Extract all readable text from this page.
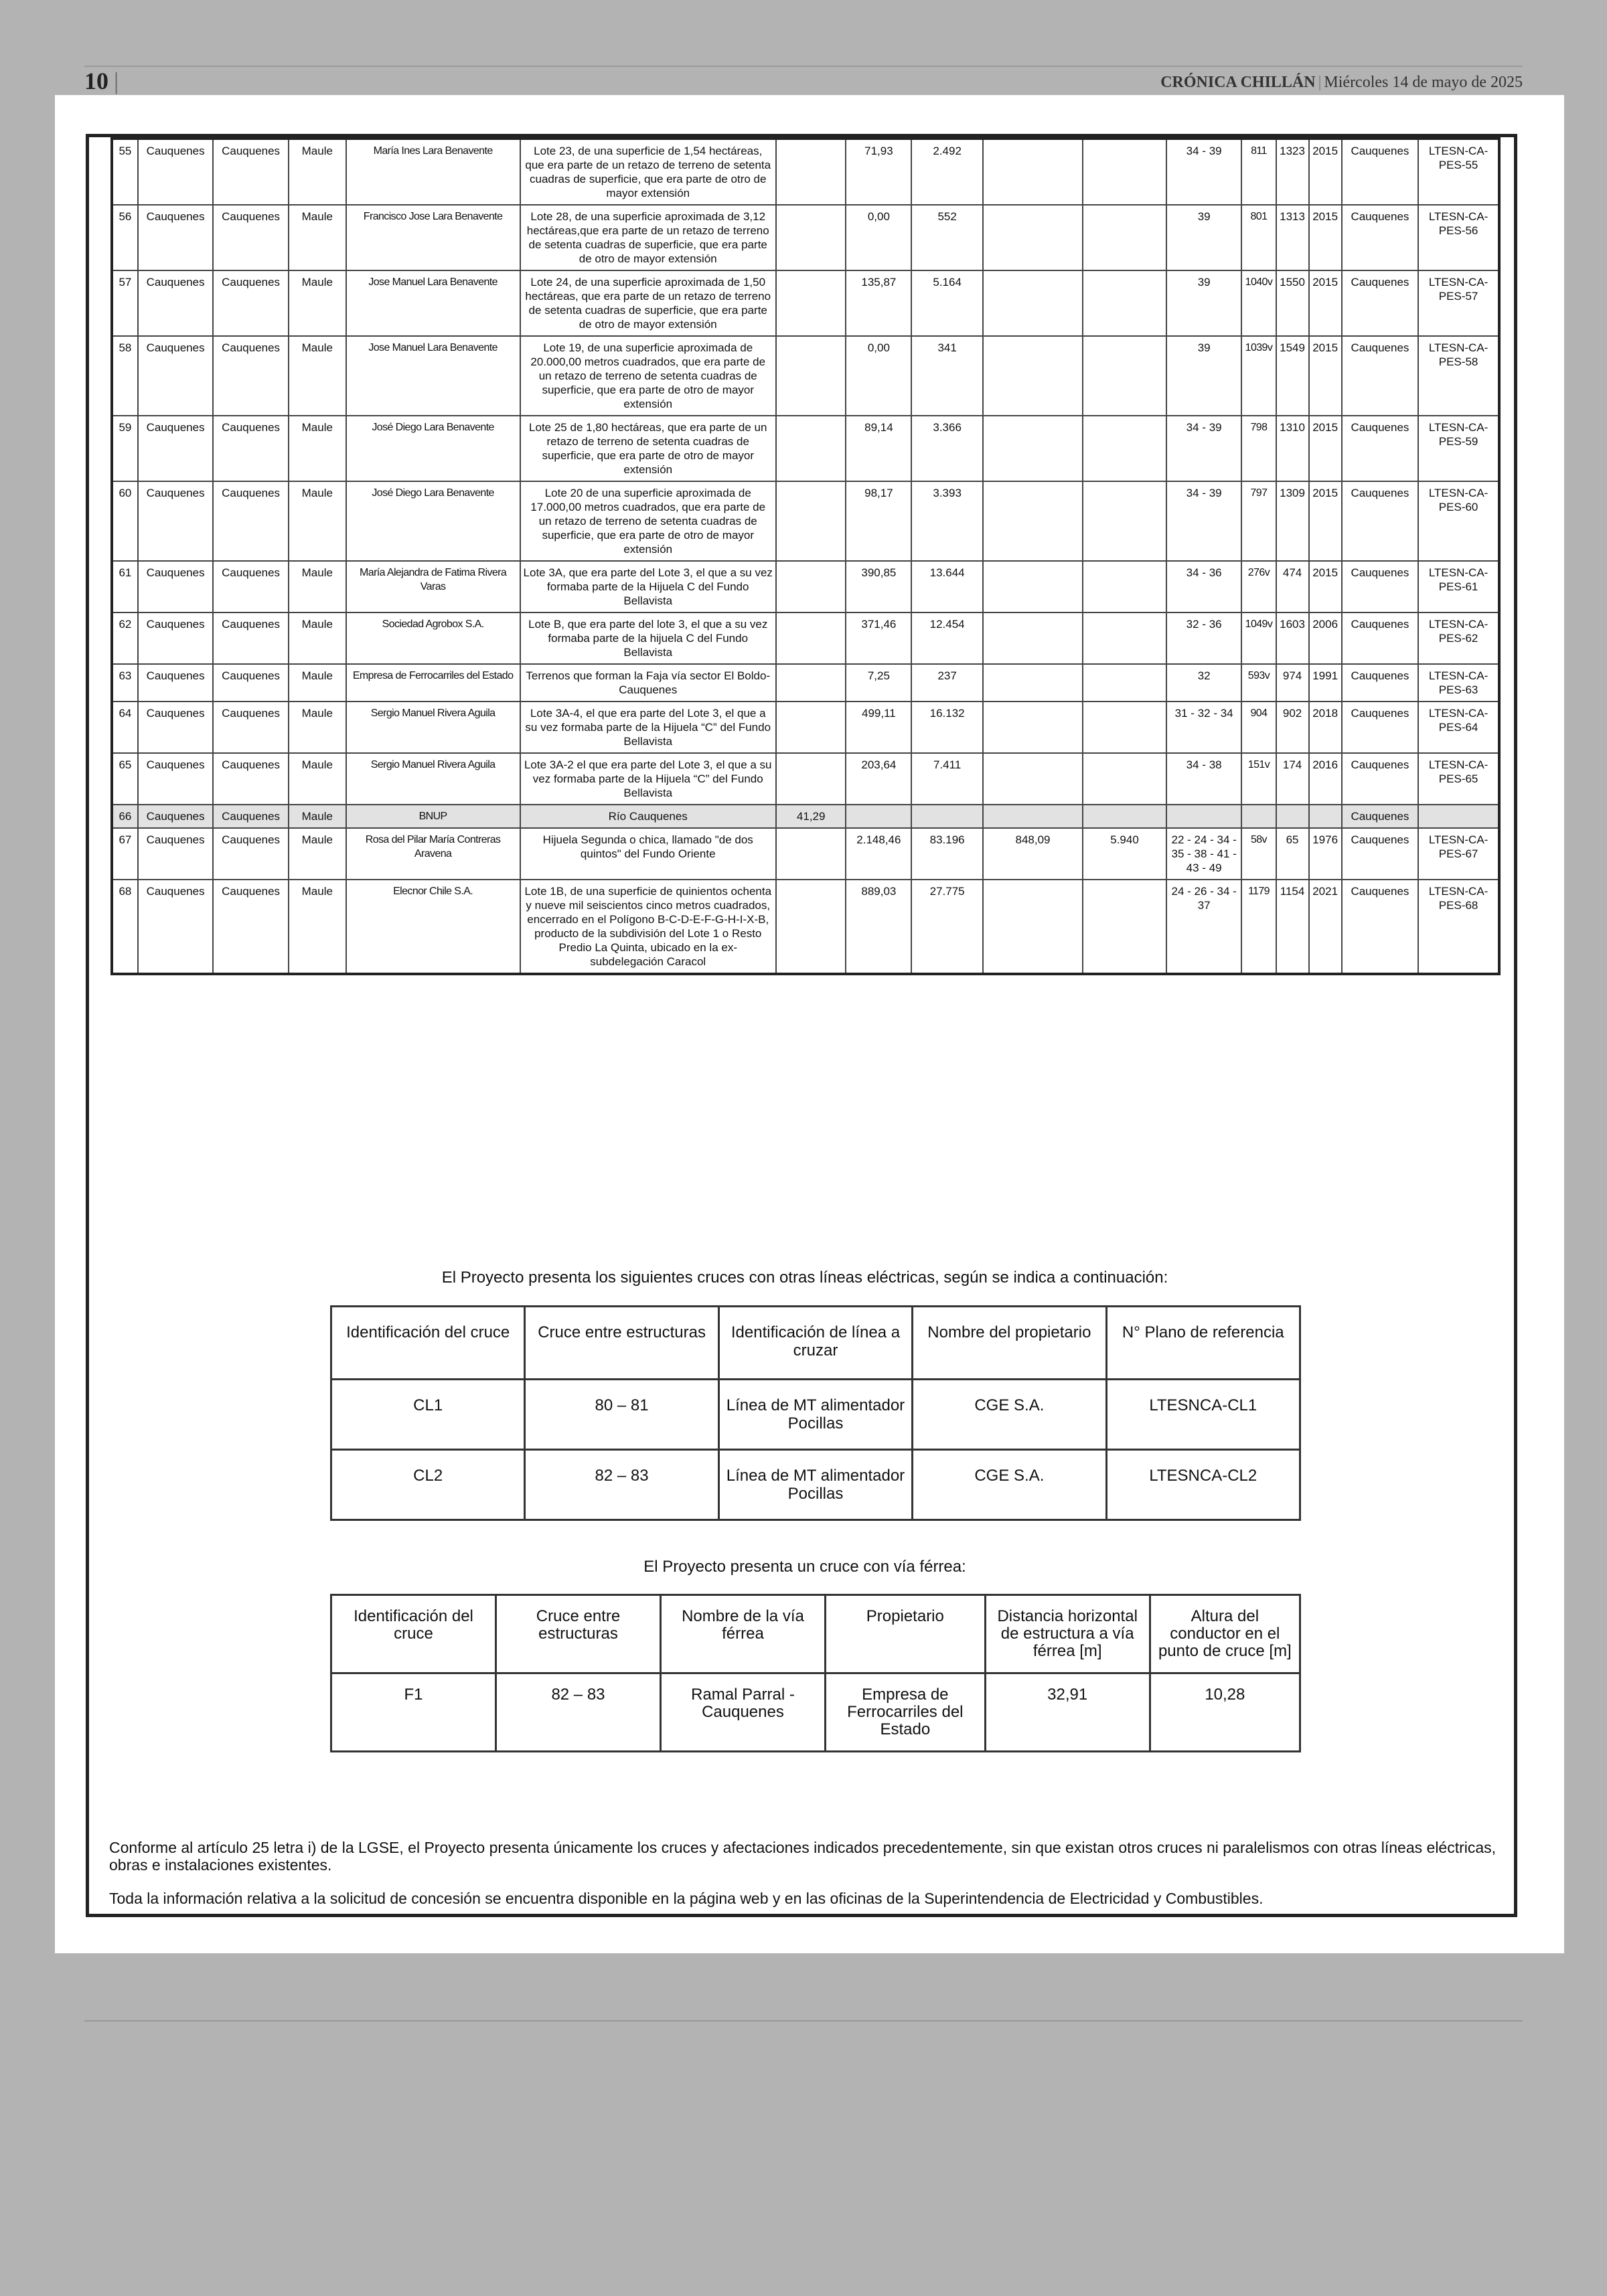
10 |	CRÓNICA CHILLÁN | Miércoles 14 de mayo de 2025
55	Cauquenes	Cauquenes	Maule	María Ines Lara Benavente	Lote 23, de una superficie de 1,54 hectáreas, que era parte de un retazo de terreno de setenta cuadras de superficie, que era parte de otro de mayor extensión		71,93	2.492			34 - 39	811	1323	2015	Cauquenes	LTESN-CA-PES-55
56	Cauquenes	Cauquenes	Maule	Francisco Jose Lara Benavente	Lote 28, de una superficie aproximada de 3,12 hectáreas,que era parte de un retazo de terreno de setenta cuadras de superficie, que era parte de otro de mayor extensión		0,00	552			39	801	1313	2015	Cauquenes	LTESN-CA-PES-56
57	Cauquenes	Cauquenes	Maule	Jose Manuel Lara Benavente	Lote 24, de una superficie aproximada de 1,50 hectáreas, que era parte de un retazo de terreno de setenta cuadras de superficie, que era parte de otro de mayor extensión		135,87	5.164			39	1040v	1550	2015	Cauquenes	LTESN-CA-PES-57
58	Cauquenes	Cauquenes	Maule	Jose Manuel Lara Benavente	Lote 19, de una superficie aproximada de 20.000,00 metros cuadrados, que era parte de un retazo de terreno de setenta cuadras de superficie, que era parte de otro de mayor extensión		0,00	341			39	1039v	1549	2015	Cauquenes	LTESN-CA-PES-58
59	Cauquenes	Cauquenes	Maule	José Diego Lara Benavente	Lote 25 de 1,80 hectáreas, que era parte de un retazo de terreno de setenta cuadras de superficie, que era parte de otro de mayor extensión		89,14	3.366			34 - 39	798	1310	2015	Cauquenes	LTESN-CA-PES-59
60	Cauquenes	Cauquenes	Maule	José Diego Lara Benavente	Lote 20 de una superficie aproximada de 17.000,00 metros cuadrados, que era parte de un retazo de terreno de setenta cuadras de superficie, que era parte de otro de mayor extensión		98,17	3.393			34 - 39	797	1309	2015	Cauquenes	LTESN-CA-PES-60
61	Cauquenes	Cauquenes	Maule	María Alejandra de Fatima Rivera Varas	Lote 3A, que era parte del Lote 3, el que a su vez formaba parte de la Hijuela C del Fundo Bellavista		390,85	13.644			34 - 36	276v	474	2015	Cauquenes	LTESN-CA-PES-61
62	Cauquenes	Cauquenes	Maule	Sociedad Agrobox S.A.	Lote B, que era parte del lote 3, el que a su vez formaba parte de la hijuela C del Fundo Bellavista		371,46	12.454			32 - 36	1049v	1603	2006	Cauquenes	LTESN-CA-PES-62
63	Cauquenes	Cauquenes	Maule	Empresa de Ferrocarriles del Estado	Terrenos que forman la Faja vía sector El Boldo- Cauquenes		7,25	237			32	593v	974	1991	Cauquenes	LTESN-CA-PES-63
64	Cauquenes	Cauquenes	Maule	Sergio Manuel Rivera Aguila	Lote 3A-4, el que era parte del Lote 3, el que a su vez formaba parte de la Hijuela “C” del Fundo Bellavista		499,11	16.132			31 - 32 - 34	904	902	2018	Cauquenes	LTESN-CA-PES-64
65	Cauquenes	Cauquenes	Maule	Sergio Manuel Rivera Aguila	Lote 3A-2 el que era parte del Lote 3, el que a su vez formaba parte de la Hijuela “C” del Fundo Bellavista		203,64	7.411			34 - 38	151v	174	2016	Cauquenes	LTESN-CA-PES-65
66	Cauquenes	Cauquenes	Maule	BNUP	Río Cauquenes	41,29									Cauquenes	
67	Cauquenes	Cauquenes	Maule	Rosa del Pilar María Contreras Aravena	Hijuela Segunda o chica, llamado "de dos quintos" del Fundo Oriente		2.148,46	83.196	848,09	5.940	22 - 24 - 34 - 35 - 38 - 41 - 43 - 49	58v	65	1976	Cauquenes	LTESN-CA-PES-67
68	Cauquenes	Cauquenes	Maule	Elecnor Chile S.A.	Lote 1B, de una superficie de quinientos ochenta y nueve mil seiscientos cinco metros cuadrados, encerrado en el Polígono B-C-D-E-F-G-H-I-X-B, producto de la subdivisión del Lote 1 o Resto Predio La Quinta, ubicado en la ex-subdelegación Caracol		889,03	27.775			24 - 26 - 34 - 37	1179	1154	2021	Cauquenes	LTESN-CA-PES-68
El Proyecto presenta los siguientes cruces con otras líneas eléctricas, según se indica a continuación:
Identificación del cruce	Cruce entre estructuras	Identificación de línea a cruzar	Nombre del propietario	N° Plano de referencia
CL1	80 – 81	Línea de MT alimentador Pocillas	CGE S.A.	LTESNCA-CL1
CL2	82 – 83	Línea de MT alimentador Pocillas	CGE S.A.	LTESNCA-CL2
El Proyecto presenta un cruce con vía férrea:
Identificación del cruce	Cruce entre estructuras	Nombre de la vía férrea	Propietario	Distancia horizontal de estructura a vía férrea [m]	Altura del conductor en el punto de cruce [m]
F1	82 – 83	Ramal Parral - Cauquenes	Empresa de Ferrocarriles del Estado	32,91	10,28
Conforme al artículo 25 letra i) de la LGSE, el Proyecto presenta únicamente los cruces y afectaciones indicados precedentemente, sin que existan otros cruces ni paralelismos con otras líneas eléctricas, obras e instalaciones existentes.
Toda la información relativa a la solicitud de concesión se encuentra disponible en la página web y en las oficinas de la Superintendencia de Electricidad y Combustibles.
